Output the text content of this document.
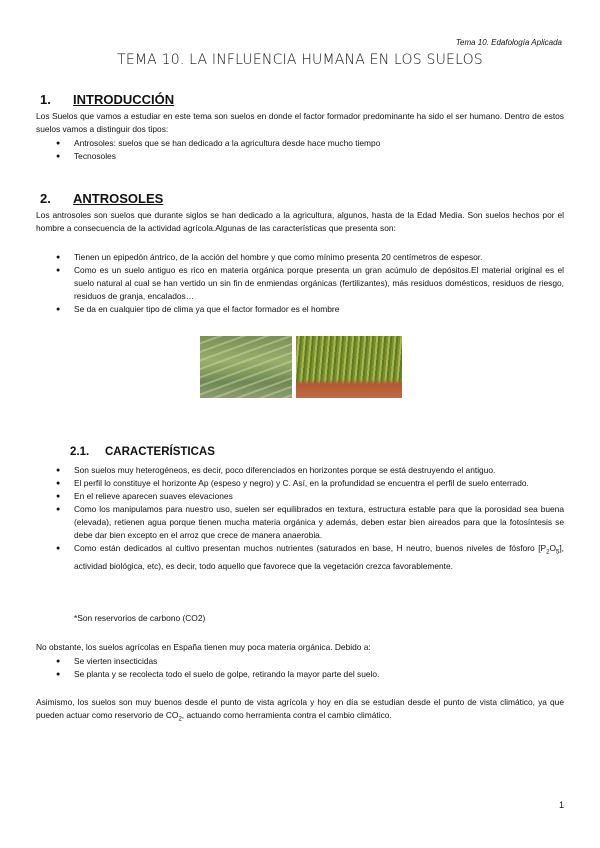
Tema 10. Edafología Aplicada
TEMA 10. LA INFLUENCIA HUMANA EN LOS SUELOS
1. INTRODUCCIÓN
Los Suelos que vamos a estudiar en este tema son suelos en donde el factor formador predominante ha sido el ser humano. Dentro de estos suelos vamos a distinguir dos tipos:
● Antrosoles: suelos que se han dedicado a la agricultura desde hace mucho tiempo
● Tecnosoles
2. ANTROSOLES
Los antrosoles son suelos que durante siglos se han dedicado a la agricultura, algunos, hasta de la Edad Media. Son suelos hechos por el hombre a consecuencia de la actividad agrícola.Algunas de las características que presenta son:
● Tienen un epipedón ántrico, de la acción del hombre y que como mínimo presenta 20 centímetros de espesor.
● Como es un suelo antiguo es rico en materia orgánica porque presenta un gran acúmulo de depósitos.El material original es el suelo natural al cual se han vertido un sin fin de enmiendas orgánicas (fertilizantes), más residuos domésticos, residuos de riesgo, residuos de granja, encalados…
● Se da en cualquier tipo de clima ya que el factor formador es el hombre
2.1. CARACTERÍSTICAS
● Son suelos muy heterogéneos, es decir, poco diferenciados en horizontes porque se está destruyendo el antiguo.
● El perfil lo constituye el horizonte Ap (espeso y negro) y C. Así, en la profundidad se encuentra el perfil de suelo enterrado.
● En el relieve aparecen suaves elevaciones
● Como los manipulamos para nuestro uso, suelen ser equilibrados en textura, estructura estable para que la porosidad sea buena (elevada), retienen agua porque tienen mucha materia orgánica y además, deben estar bien aireados para que la fotosíntesis se debe dar bien excepto en el arroz que crece de manera anaerobia.
● Como están dedicados al cultivo presentan muchos nutrientes (saturados en base, H neutro, buenos niveles de fósforo $[P_2O_5]$, actividad biológica, etc), es decir, todo aquello que favorece que la vegetación crezca favorablemente.
*Son reservorios de carbono (CO2)
No obstante, los suelos agrícolas en España tienen muy poca materia orgánica. Debido a:
● Se vierten insecticidas
● Se planta y se recolecta todo el suelo de golpe, retirando la mayor parte del suelo.
Asimismo, los suelos son muy buenos desde el punto de vista agrícola y hoy en día se estudian desde el punto de vista climático, ya que pueden actuar como reservorio de $CO_2$, actuando como herramienta contra el cambio climático.
1
